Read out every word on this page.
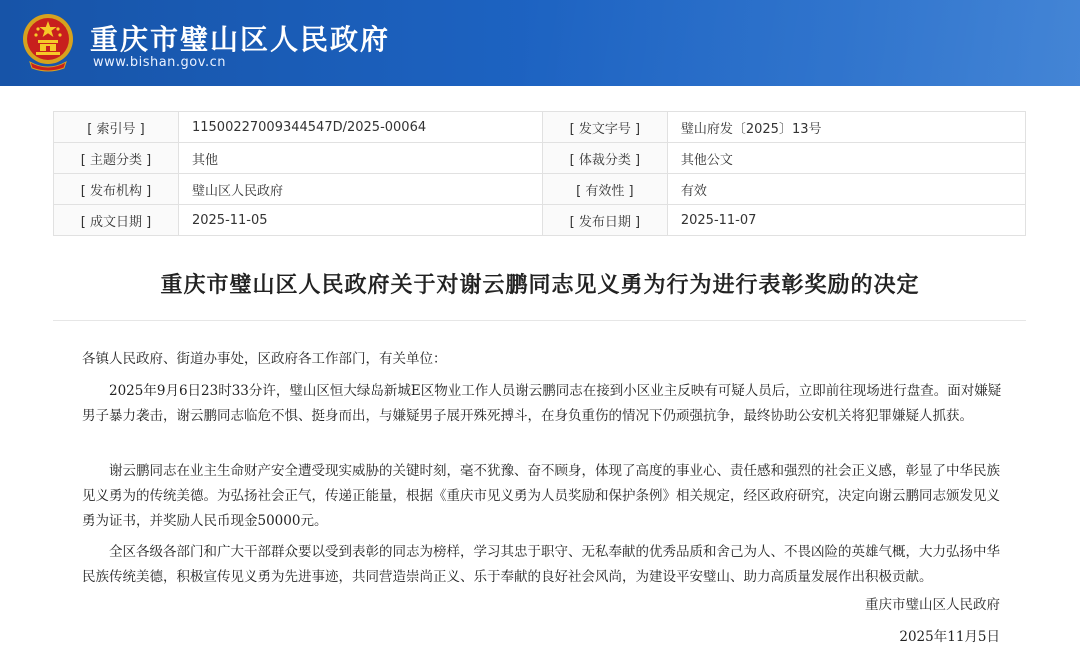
重庆市璧山区人民政府
www.bishan.gov.cn
[ 索引号 ]	11500227009344547D/2025-00064	[ 发文字号 ]	璧山府发〔2025〕13号
[ 主题分类 ]	其他	[ 体裁分类 ]	其他公文
[ 发布机构 ]	璧山区人民政府	[ 有效性 ]	有效
[ 成文日期 ]	2025-11-05	[ 发布日期 ]	2025-11-07
重庆市璧山区人民政府关于对谢云鹏同志见义勇为行为进行表彰奖励的决定

各镇人民政府、街道办事处，区政府各工作部门，有关单位：

2025年9月6日23时33分许，璧山区恒大绿岛新城E区物业工作人员谢云鹏同志在接到小区业主反映有可疑人员后，立即前往现场进行盘查。面对嫌疑男子暴力袭击，谢云鹏同志临危不惧、挺身而出，与嫌疑男子展开殊死搏斗，在身负重伤的情况下仍顽强抗争，最终协助公安机关将犯罪嫌疑人抓获。

谢云鹏同志在业主生命财产安全遭受现实威胁的关键时刻，毫不犹豫、奋不顾身，体现了高度的事业心、责任感和强烈的社会正义感，彰显了中华民族见义勇为的传统美德。为弘扬社会正气，传递正能量，根据《重庆市见义勇为人员奖励和保护条例》相关规定，经区政府研究，决定向谢云鹏同志颁发见义勇为证书，并奖励人民币现金50000元。

全区各级各部门和广大干部群众要以受到表彰的同志为榜样，学习其忠于职守、无私奉献的优秀品质和舍己为人、不畏凶险的英雄气概，大力弘扬中华民族传统美德，积极宣传见义勇为先进事迹，共同营造崇尚正义、乐于奉献的良好社会风尚，为建设平安璧山、助力高质量发展作出积极贡献。

重庆市璧山区人民政府
2025年11月5日
